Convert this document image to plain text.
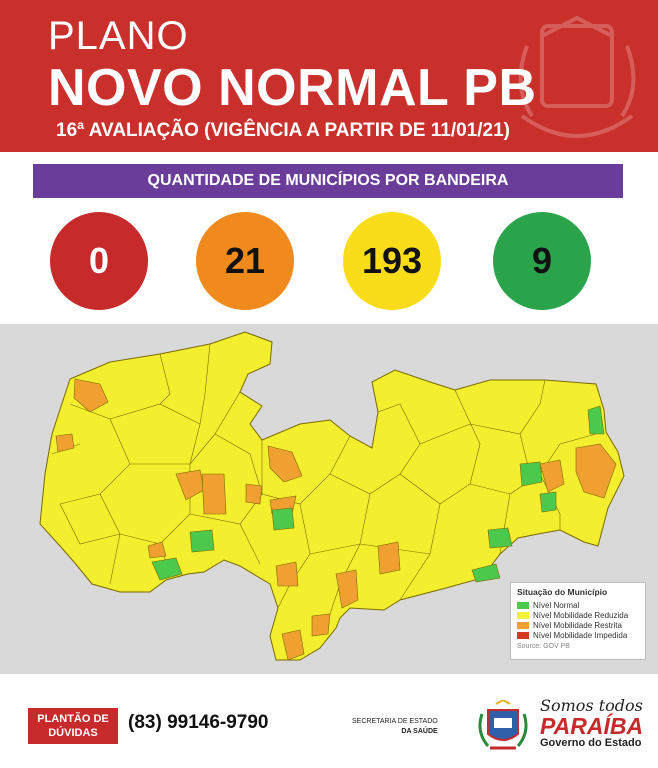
PLANO
NOVO NORMAL PB
16ª AVALIAÇÃO (VIGÊNCIA A PARTIR DE 11/01/21)
QUANTIDADE DE MUNICÍPIOS POR BANDEIRA
0	21	193	9
Situação do Município
Nível Normal
Nível Mobilidade Reduzida
Nível Mobilidade Restrita
Nível Mobilidade Impedida
Source: GOV PB
PLANTÃO DE
DÚVIDAS (83) 99146-9790	SECRETARIA DE ESTADO
DA SAÚDE
Somos todos
PARAÍBA
Governo do Estado
